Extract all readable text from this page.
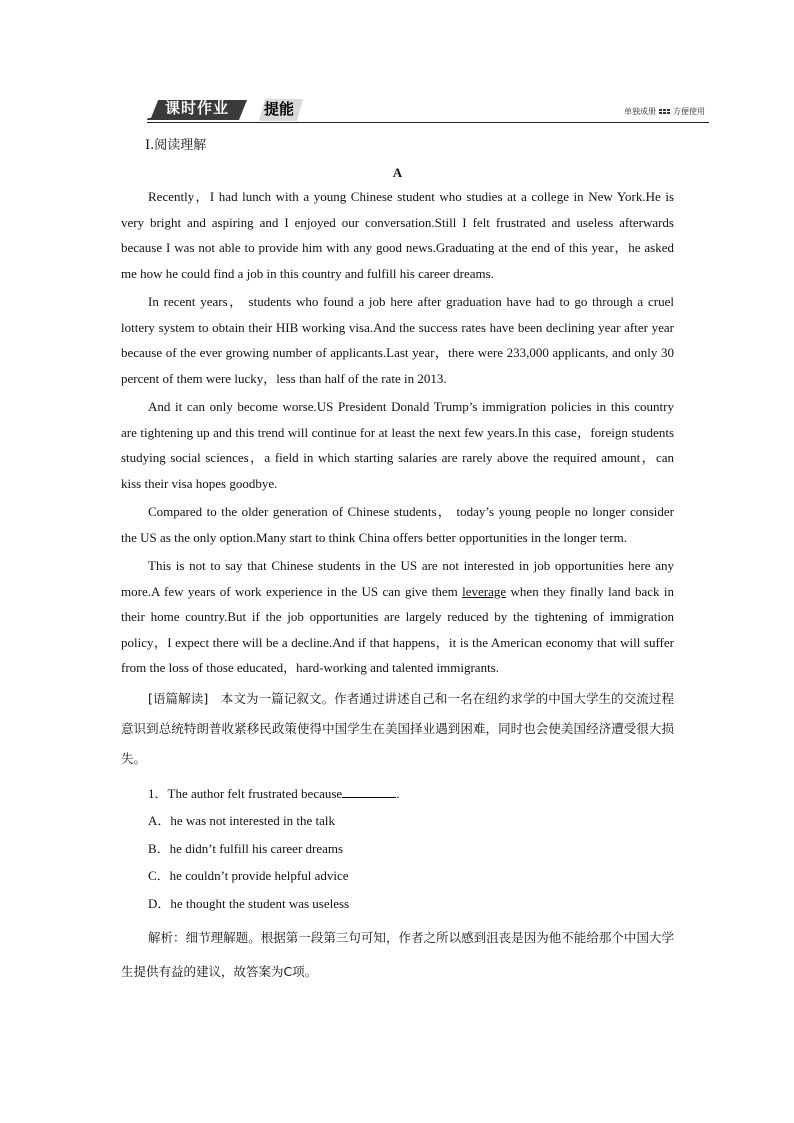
课时作业 提能	单独成册 方便使用
Ⅰ.阅读理解
A

Recently，I had lunch with a young Chinese student who studies at a college in New York.He is very bright and aspiring and I enjoyed our conversation.Still I felt frustrated and useless afterwards because I was not able to provide him with any good news.Graduating at the end of this year，he asked me how he could find a job in this country and fulfill his career dreams.

In recent years， students who found a job here after graduation have had to go through a cruel lottery system to obtain their HIB working visa.And the success rates have been declining year after year because of the ever growing number of applicants.Last year，there were 233,000 applicants, and only 30 percent of them were lucky，less than half of the rate in 2013.

And it can only become worse.US President Donald Trump’s immigration policies in this country are tightening up and this trend will continue for at least the next few years.In this case，foreign students studying social sciences，a field in which starting salaries are rarely above the required amount，can kiss their visa hopes goodbye.

Compared to the older generation of Chinese students， today’s young people no longer consider the US as the only option.Many start to think China offers better opportunities in the longer term.

This is not to say that Chinese students in the US are not interested in job opportunities here any more.A few years of work experience in the US can give them leverage when they finally land back in their home country.But if the job opportunities are largely reduced by the tightening of immigration policy，I expect there will be a decline.And if that happens，it is the American economy that will suffer from the loss of those educated，hard-working and talented immigrants.

[语篇解读]　本文为一篇记叙文。作者通过讲述自己和一名在纽约求学的中国大学生的交流过程意识到总统特朗普收紧移民政策使得中国学生在美国择业遇到困难，同时也会使美国经济遭受很大损失。
1．The author felt frustrated because	.
A．he was not interested in the talk
B．he didn’t fulfill his career dreams
C．he couldn’t provide helpful advice
D．he thought the student was useless
解析：细节理解题。根据第一段第三句可知，作者之所以感到沮丧是因为他不能给那个中国大学生提供有益的建议，故答案为C项。
